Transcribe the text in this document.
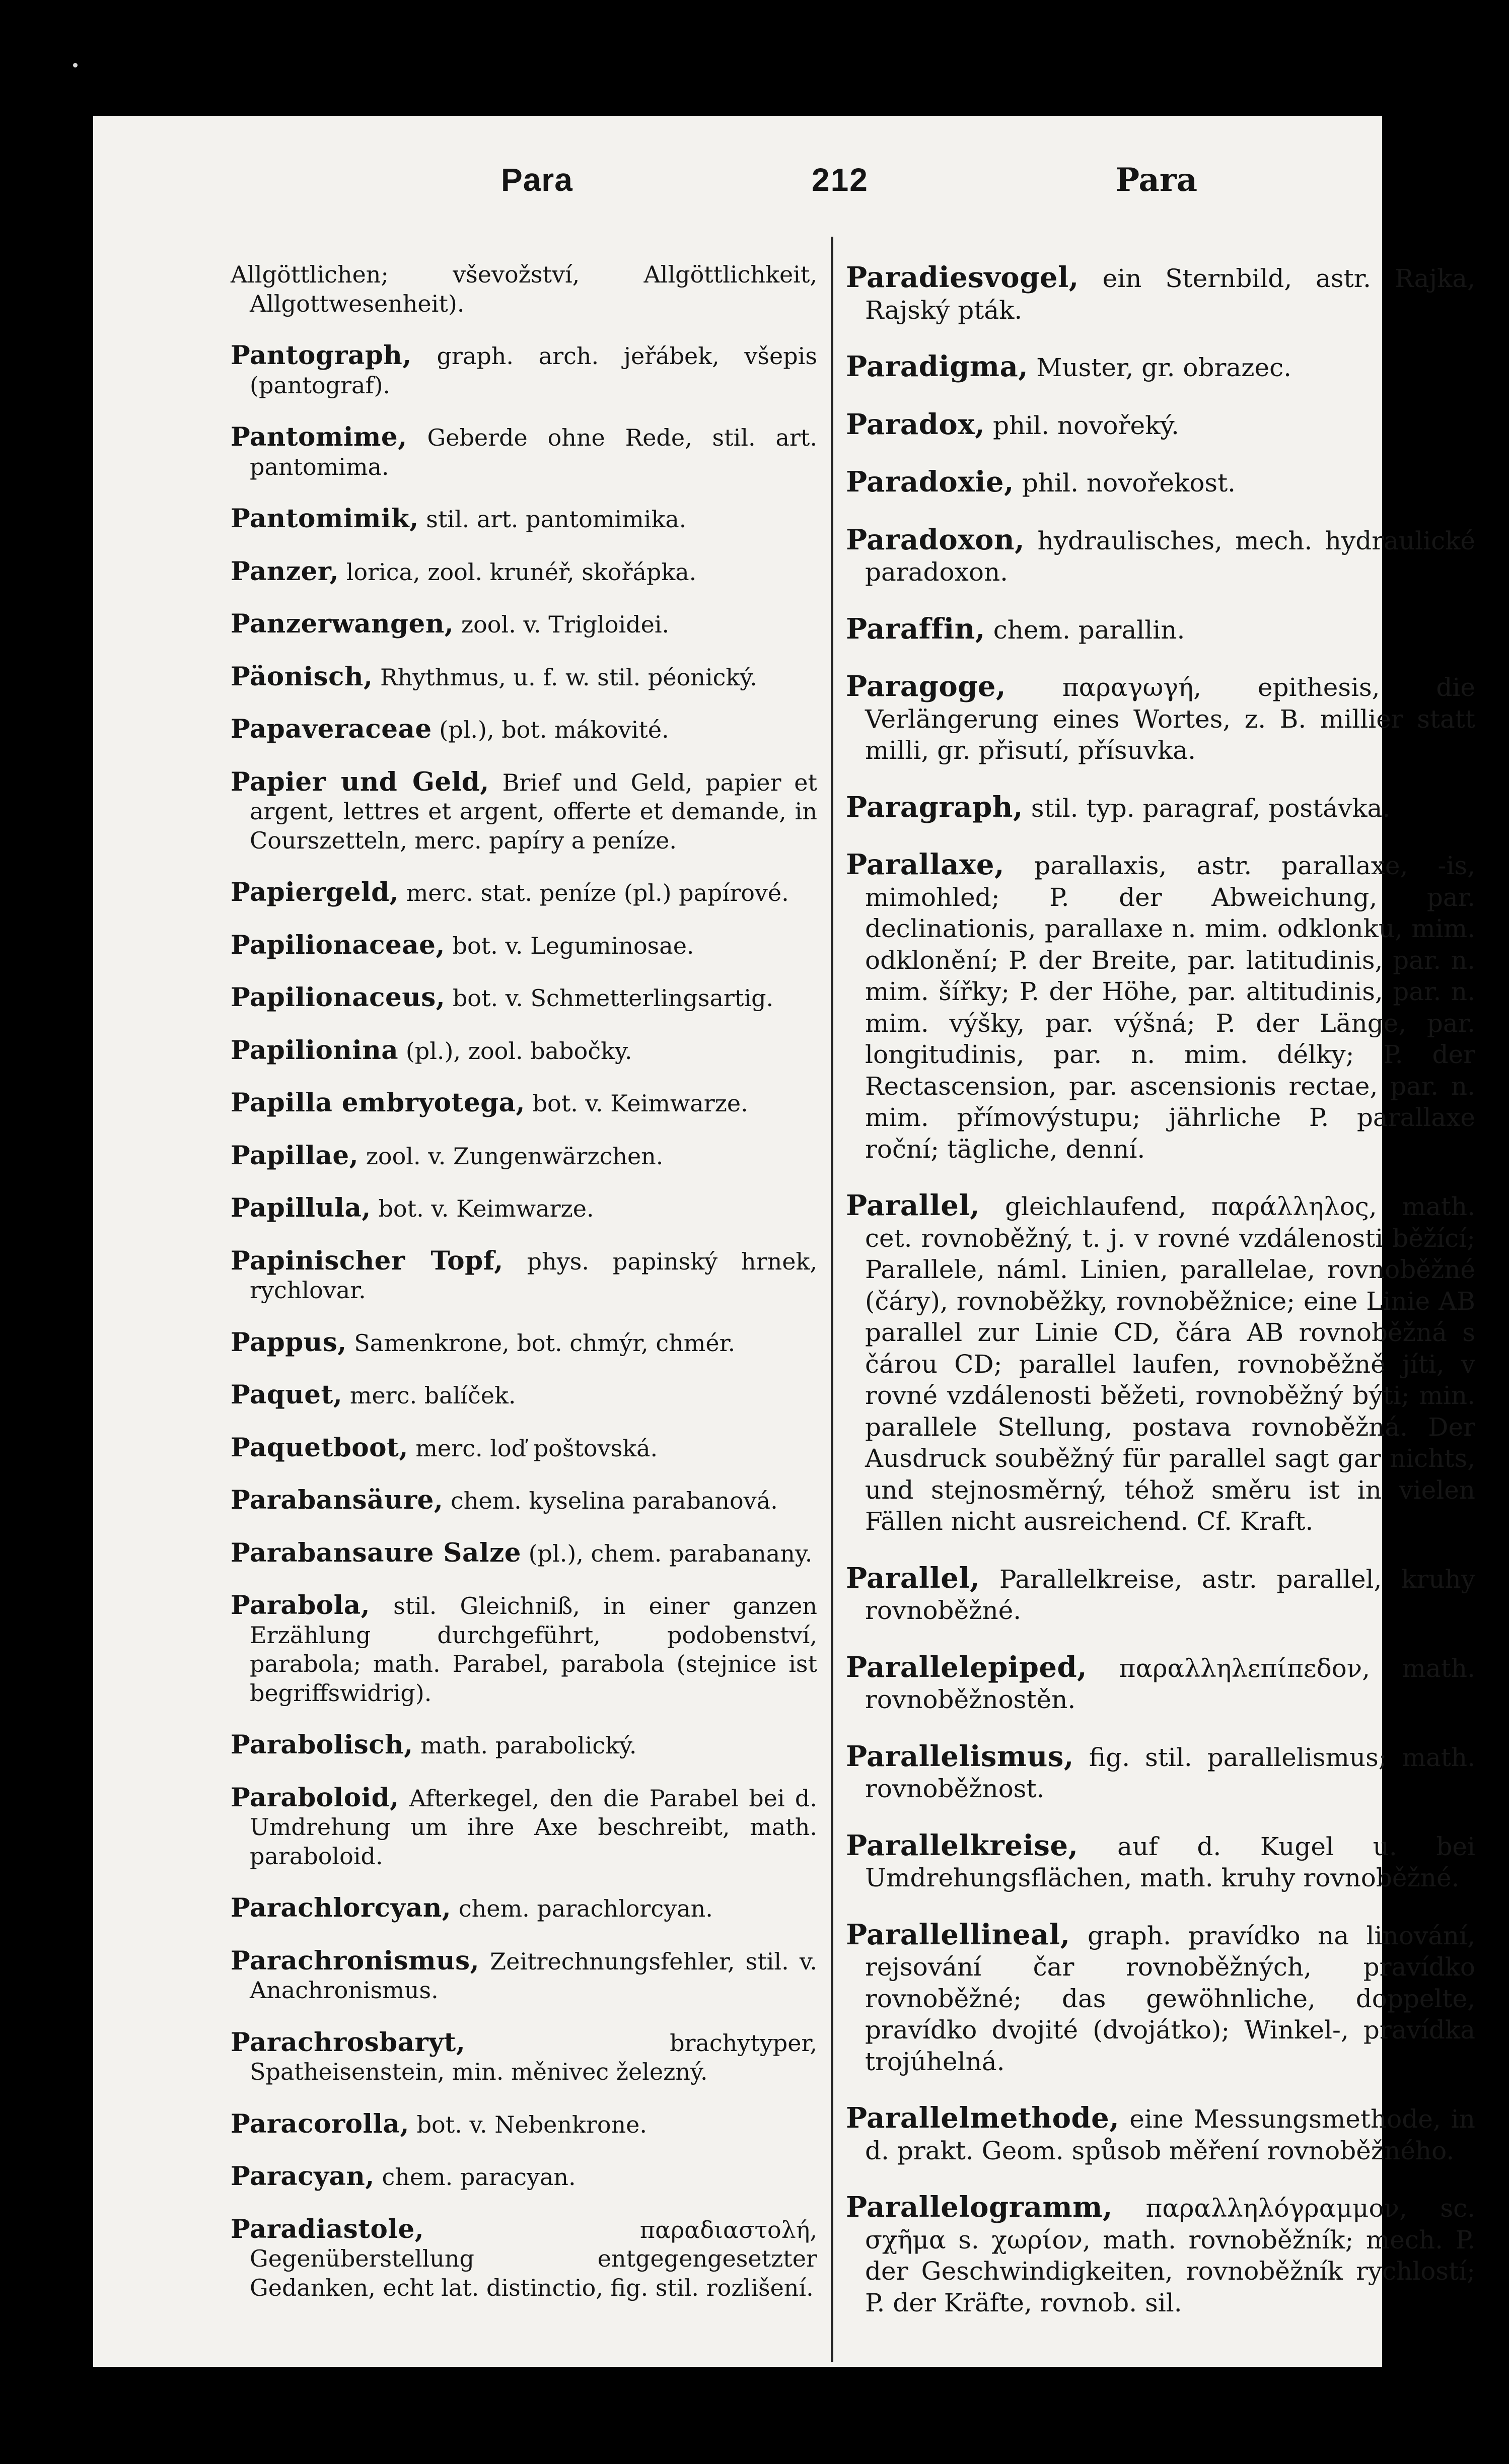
Para	212	Para

Allgöttlichen; vševožství, Allgöttlichkeit, Allgottwesenheit).

Pantograph, graph. arch. jeřábek, všepis (pantograf).

Pantomime, Geberde ohne Rede, stil. art. pantomima.

Pantomimik, stil. art. pantomimika.

Panzer, lorica, zool. krunéř, skořápka.

Panzerwangen, zool. v. Trigloidei.

Päonisch, Rhythmus, u. f. w. stil. péonický.

Papaveraceae (pl.), bot. mákovité.

Papier und Geld, Brief und Geld, papier et argent, lettres et argent, offerte et demande, in Courszetteln, merc. papíry a peníze.

Papiergeld, merc. stat. peníze (pl.) papírové.

Papilionaceae, bot. v. Leguminosae.

Papilionaceus, bot. v. Schmetterlingsartig.

Papilionina (pl.), zool. babočky.

Papilla embryotega, bot. v. Keimwarze.

Papillae, zool. v. Zungenwärzchen.

Papillula, bot. v. Keimwarze.

Papinischer Topf, phys. papinský hrnek, rychlovar.

Pappus, Samenkrone, bot. chmýr, chmér.

Paquet, merc. balíček.

Paquetboot, merc. loď poštovská.

Parabansäure, chem. kyselina parabanová.

Parabansaure Salze (pl.), chem. parabanany.

Parabola, stil. Gleichniß, in einer ganzen Erzählung durchgeführt, podobenství, parabola; math. Parabel, parabola (stejnice ist begriffswidrig).

Parabolisch, math. parabolický.

Paraboloid, Afterkegel, den die Parabel bei d. Umdrehung um ihre Axe beschreibt, math. paraboloid.

Parachlorcyan, chem. parachlorcyan.

Parachronismus, Zeitrechnungsfehler, stil. v. Anachronismus.

Parachrosbaryt,	brachytyper, Spatheisenstein, min. měnivec železný.

Paracorolla, bot. v. Nebenkrone.

Paracyan, chem. paracyan.

Paradiastole,	παραδιαστολή, Gegenüberstellung entgegengesetzter Gedanken, echt lat. distinctio, fig. stil. rozlišení.

Paradiesvogel, ein Sternbild, astr. Rajka, Rajský pták.

Paradigma, Muster, gr. obrazec.

Paradox, phil. novořeký.

Paradoxie, phil. novořekost.

Paradoxon, hydraulisches, mech. hydraulické paradoxon.

Paraffin, chem. parallin.

Paragoge, παραγωγή, epithesis, die Verlängerung eines Wortes, z. B. millier statt milli, gr. přisutí, přísuvka.

Paragraph, stil. typ. paragraf, postávka.

Parallaxe, parallaxis, astr. parallaxe, -is, mimohled; P. der Abweichung, par. declinationis, parallaxe n. mim. odklonku, mim. odklonění; P. der Breite, par. latitudinis, par. n. mim. šířky; P. der Höhe, par. altitudinis, par. n. mim. výšky, par. výšná; P. der Länge, par. longitudinis, par. n. mim. délky; P. der Rectascension, par. ascensionis rectae, par. n. mim. přímovýstupu; jährliche P. parallaxe roční; tägliche, denní.

Parallel, gleichlaufend, παράλληλος, math. cet. rovnoběžný, t. j. v rovné vzdálenosti běžící; Parallele, náml. Linien, parallelae, rovnoběžné (čáry), rovnoběžky, rovnoběžnice; eine Linie AB parallel zur Linie CD, čára AB rovnoběžná s čárou CD; parallel laufen, rovnoběžně jíti, v rovné vzdálenosti běžeti, rovnoběžný býti; min. parallele Stellung, postava rovnoběžná. Der Ausdruck souběžný für parallel sagt gar nichts, und stejnosměrný, téhož směru ist in vielen Fällen nicht ausreichend. Cf. Kraft.

Parallel, Parallelkreise, astr. parallel, kruhy rovnoběžné.

Parallelepiped, παραλληλεπίπεδον, math. rovnoběžnostěn.

Parallelismus, fig. stil. parallelismus; math. rovnoběžnost.

Parallelkreise, auf d. Kugel u. bei Umdrehungsflächen, math. kruhy rovnoběžné.

Parallellineal, graph. pravídko na linování, rejsování čar rovnoběžných, pravídko rovnoběžné; das gewöhnliche, doppelte, pravídko dvojité (dvojátko); Winkel-, pravídka trojúhelná.

Parallelmethode, eine Messungsmethode, in d. prakt. Geom. spůsob měření rovnoběžného.

Parallelogramm, παραλληλόγραμμον, sc. σχῆμα s. χωρίον, math. rovnoběžník; mech. P. der Geschwindigkeiten, rovnoběžník rychlostí; P. der Kräfte, rovnob. sil.
